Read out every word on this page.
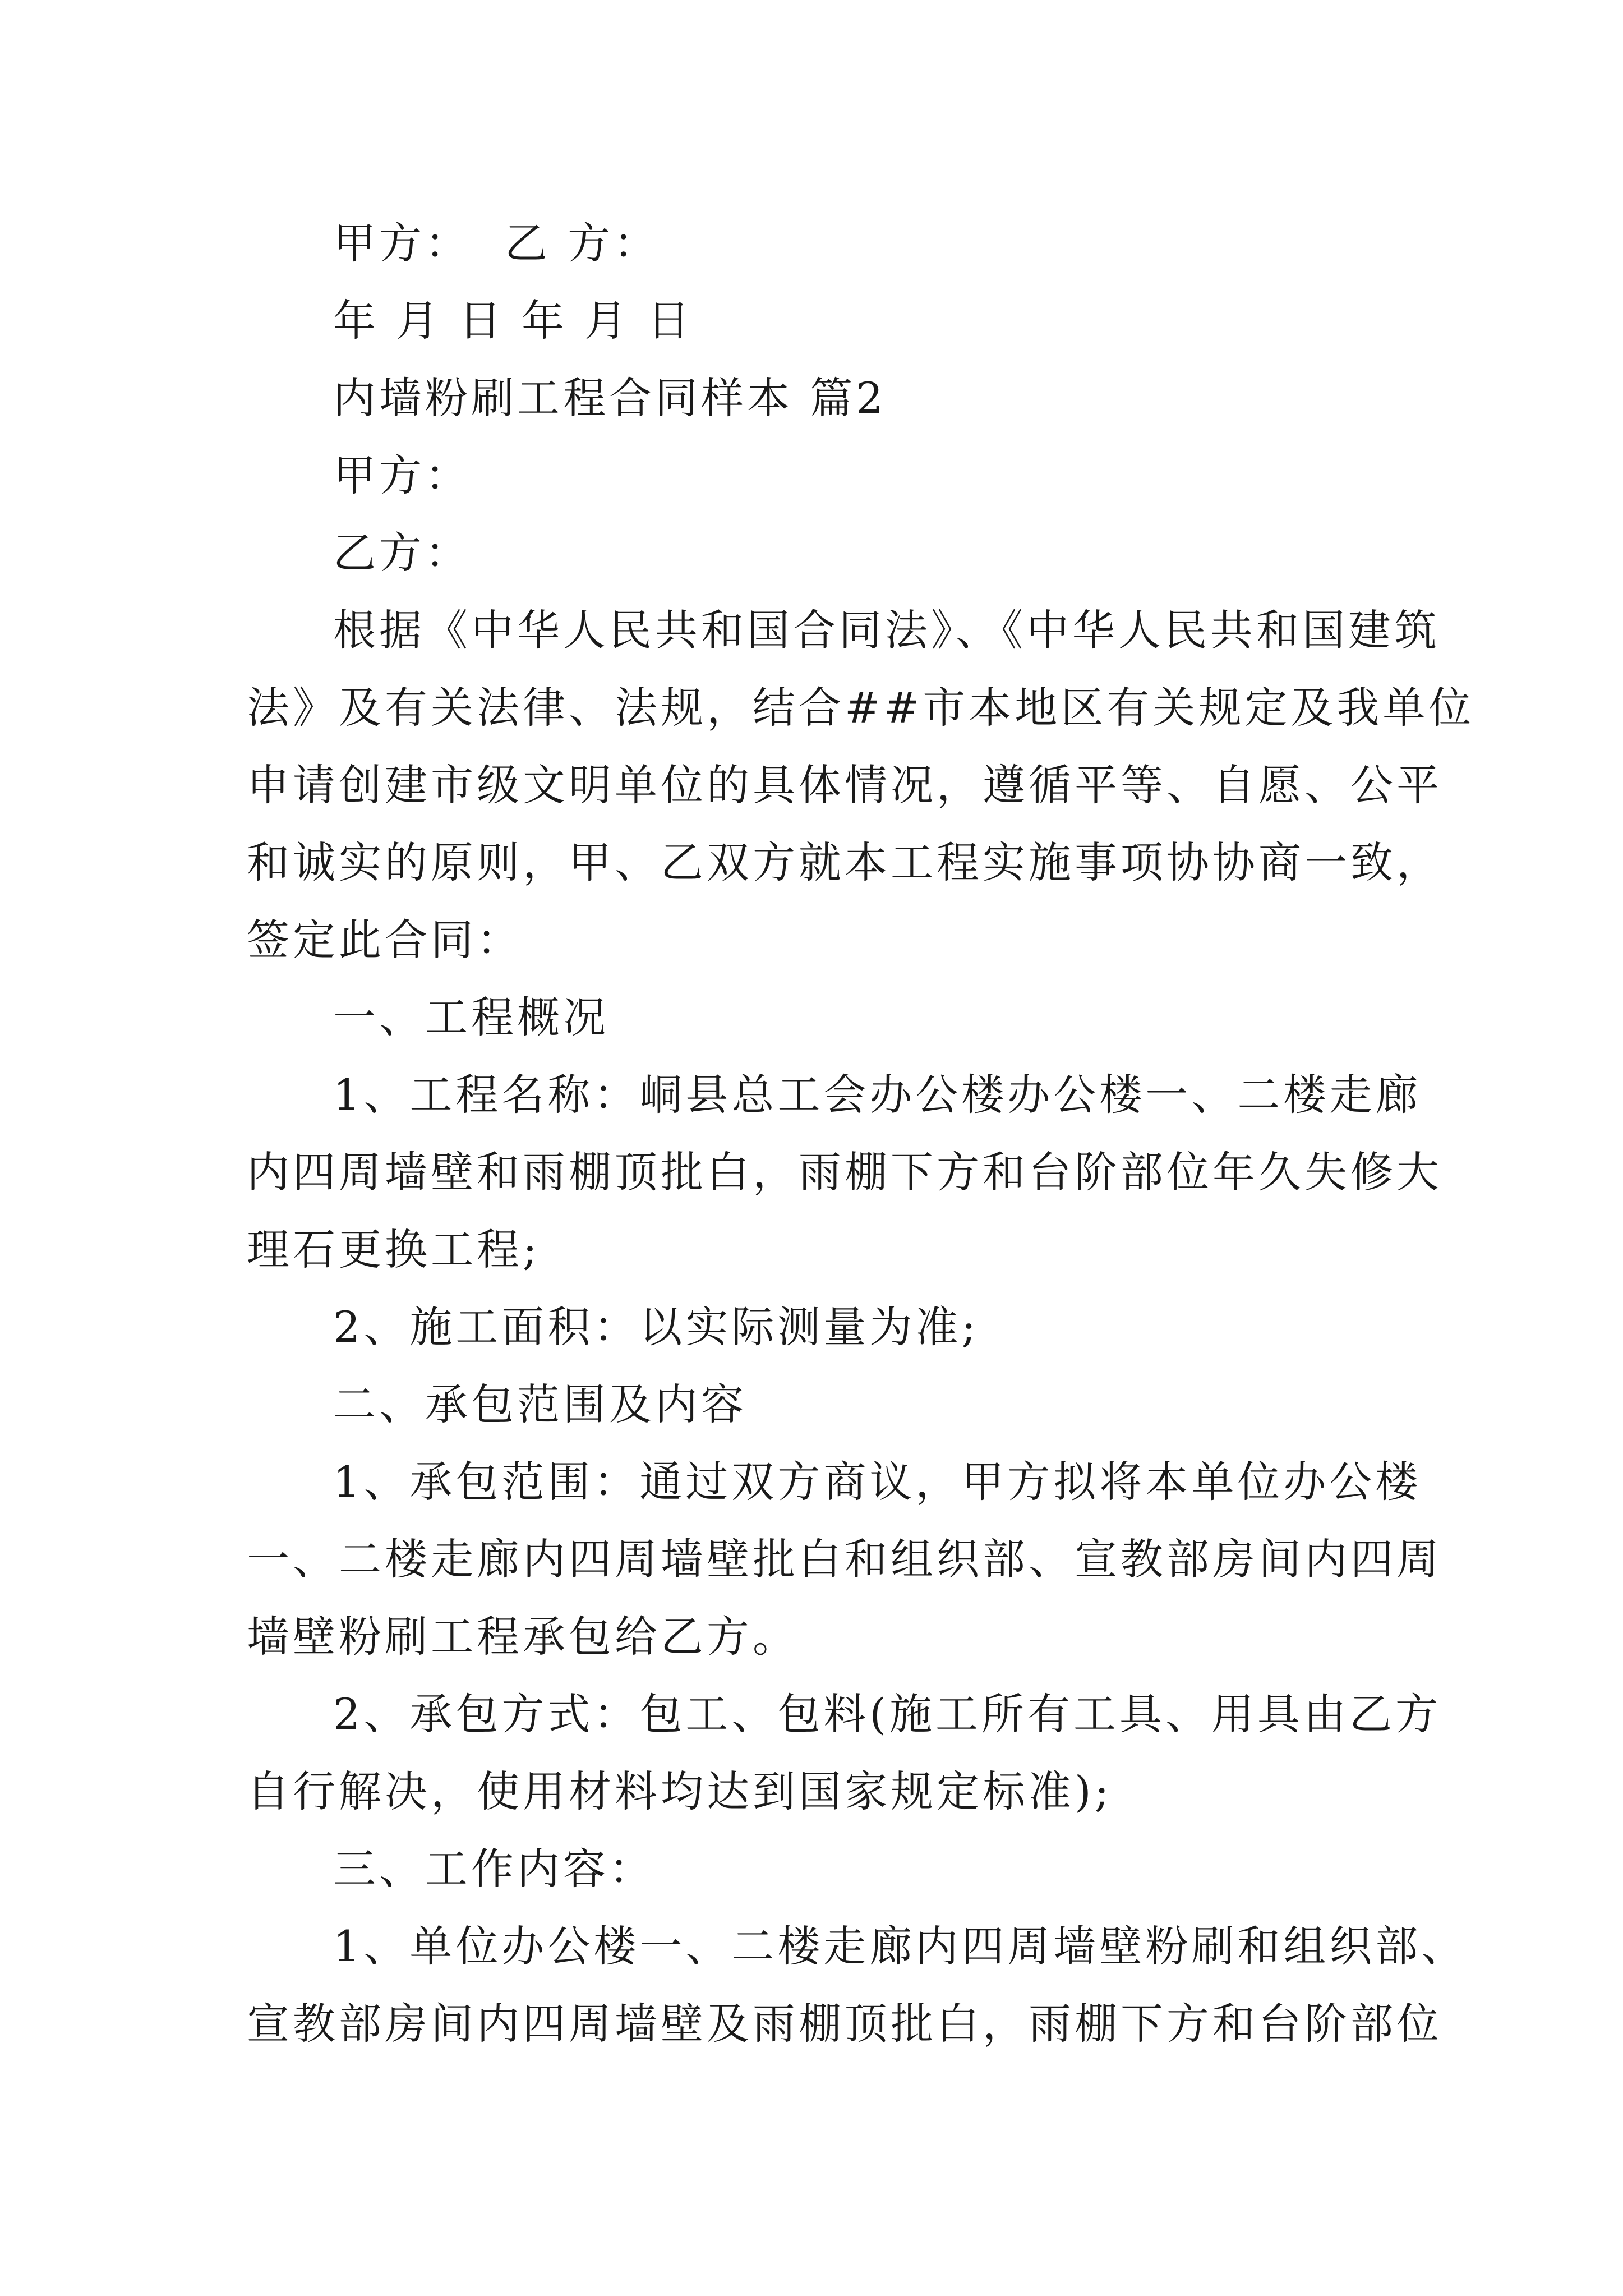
甲方： 乙 方：
年 月 日 年 月 日
内墙粉刷工程合同样本 篇2
甲方：
乙方：
根据《中华人民共和国合同法》、《中华人民共和国建筑
法》及有关法律、法规，结合##市本地区有关规定及我单位
申请创建市级文明单位的具体情况，遵循平等、自愿、公平
和诚实的原则，甲、乙双方就本工程实施事项协协商一致，
签定此合同：
一、工程概况
1、工程名称：峒县总工会办公楼办公楼一、二楼走廊
内四周墙壁和雨棚顶批白，雨棚下方和台阶部位年久失修大
理石更换工程;
2、施工面积：以实际测量为准;
二、承包范围及内容
1、承包范围：通过双方商议，甲方拟将本单位办公楼
一、二楼走廊内四周墙壁批白和组织部、宣教部房间内四周
墙壁粉刷工程承包给乙方。
2、承包方式：包工、包料(施工所有工具、用具由乙方
自行解决，使用材料均达到国家规定标准);
三、工作内容：
1、单位办公楼一、二楼走廊内四周墙壁粉刷和组织部、
宣教部房间内四周墙壁及雨棚顶批白，雨棚下方和台阶部位
